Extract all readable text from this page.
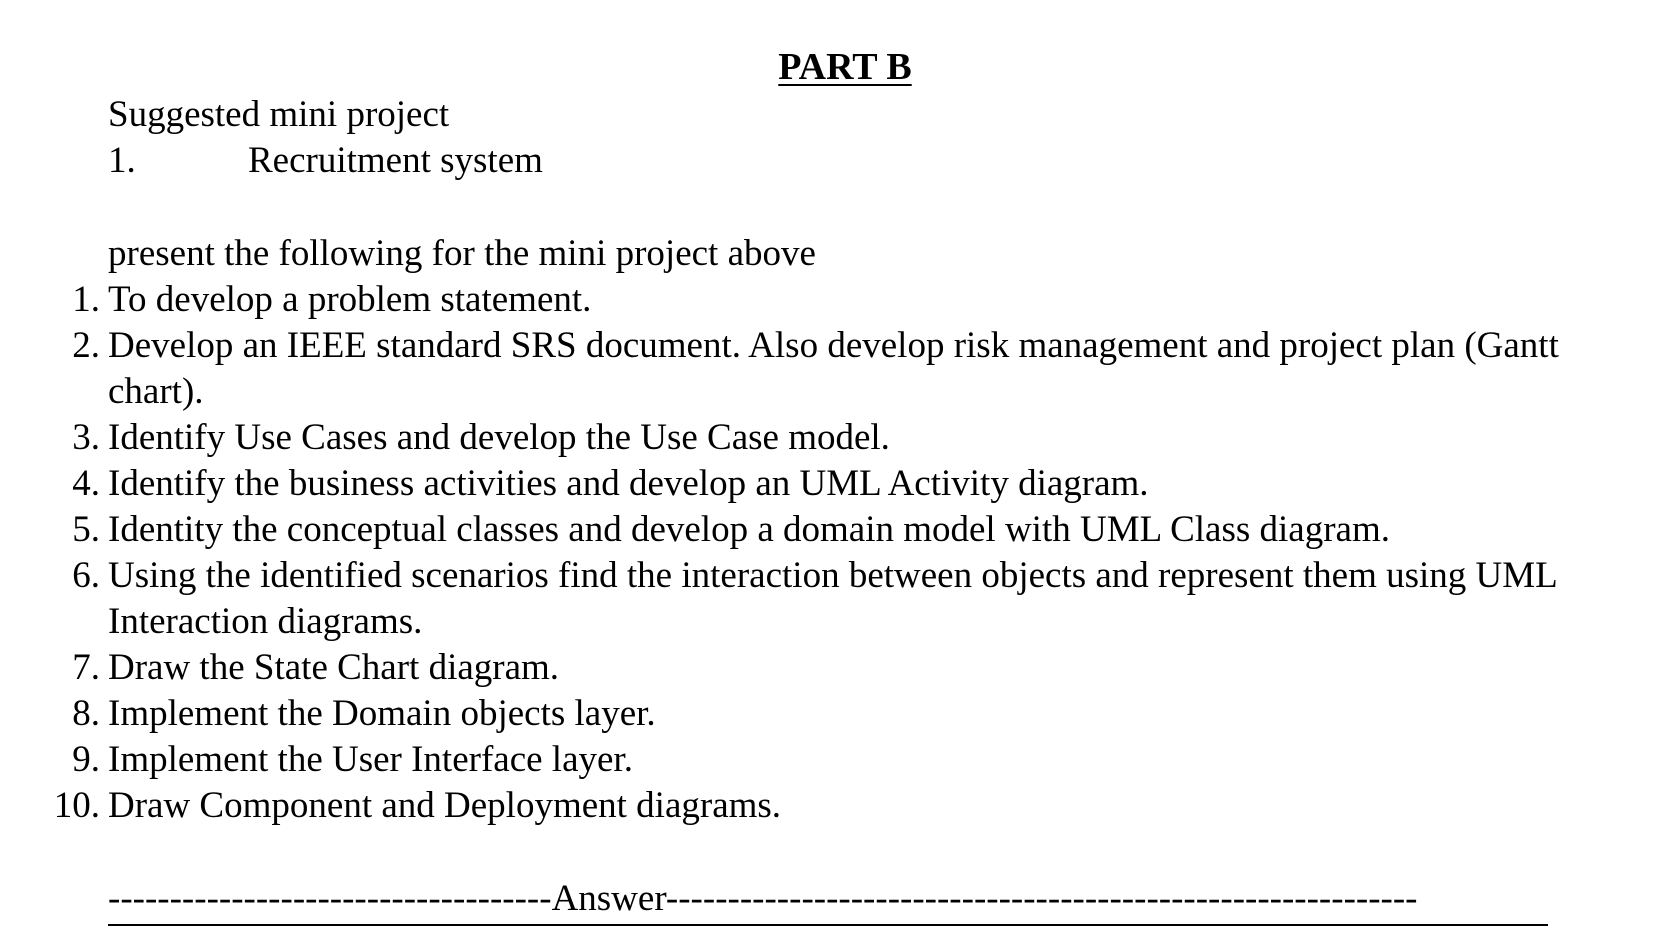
PART B

Suggested mini project

1.	Recruitment system

present the following for the mini project above

1. To develop a problem statement.
2. Develop an IEEE standard SRS document. Also develop risk management and project plan (Gantt chart).
3. Identify Use Cases and develop the Use Case model.
4. Identify the business activities and develop an UML Activity diagram.
5. Identity the conceptual classes and develop a domain model with UML Class diagram.
6. Using the identified scenarios find the interaction between objects and represent them using UML Interaction diagrams.
7. Draw the State Chart diagram.
8. Implement the Domain objects layer.
9. Implement the User Interface layer.
10. Draw Component and Deployment diagrams.
------------------------------------Answer-------------------------------------------------------------
